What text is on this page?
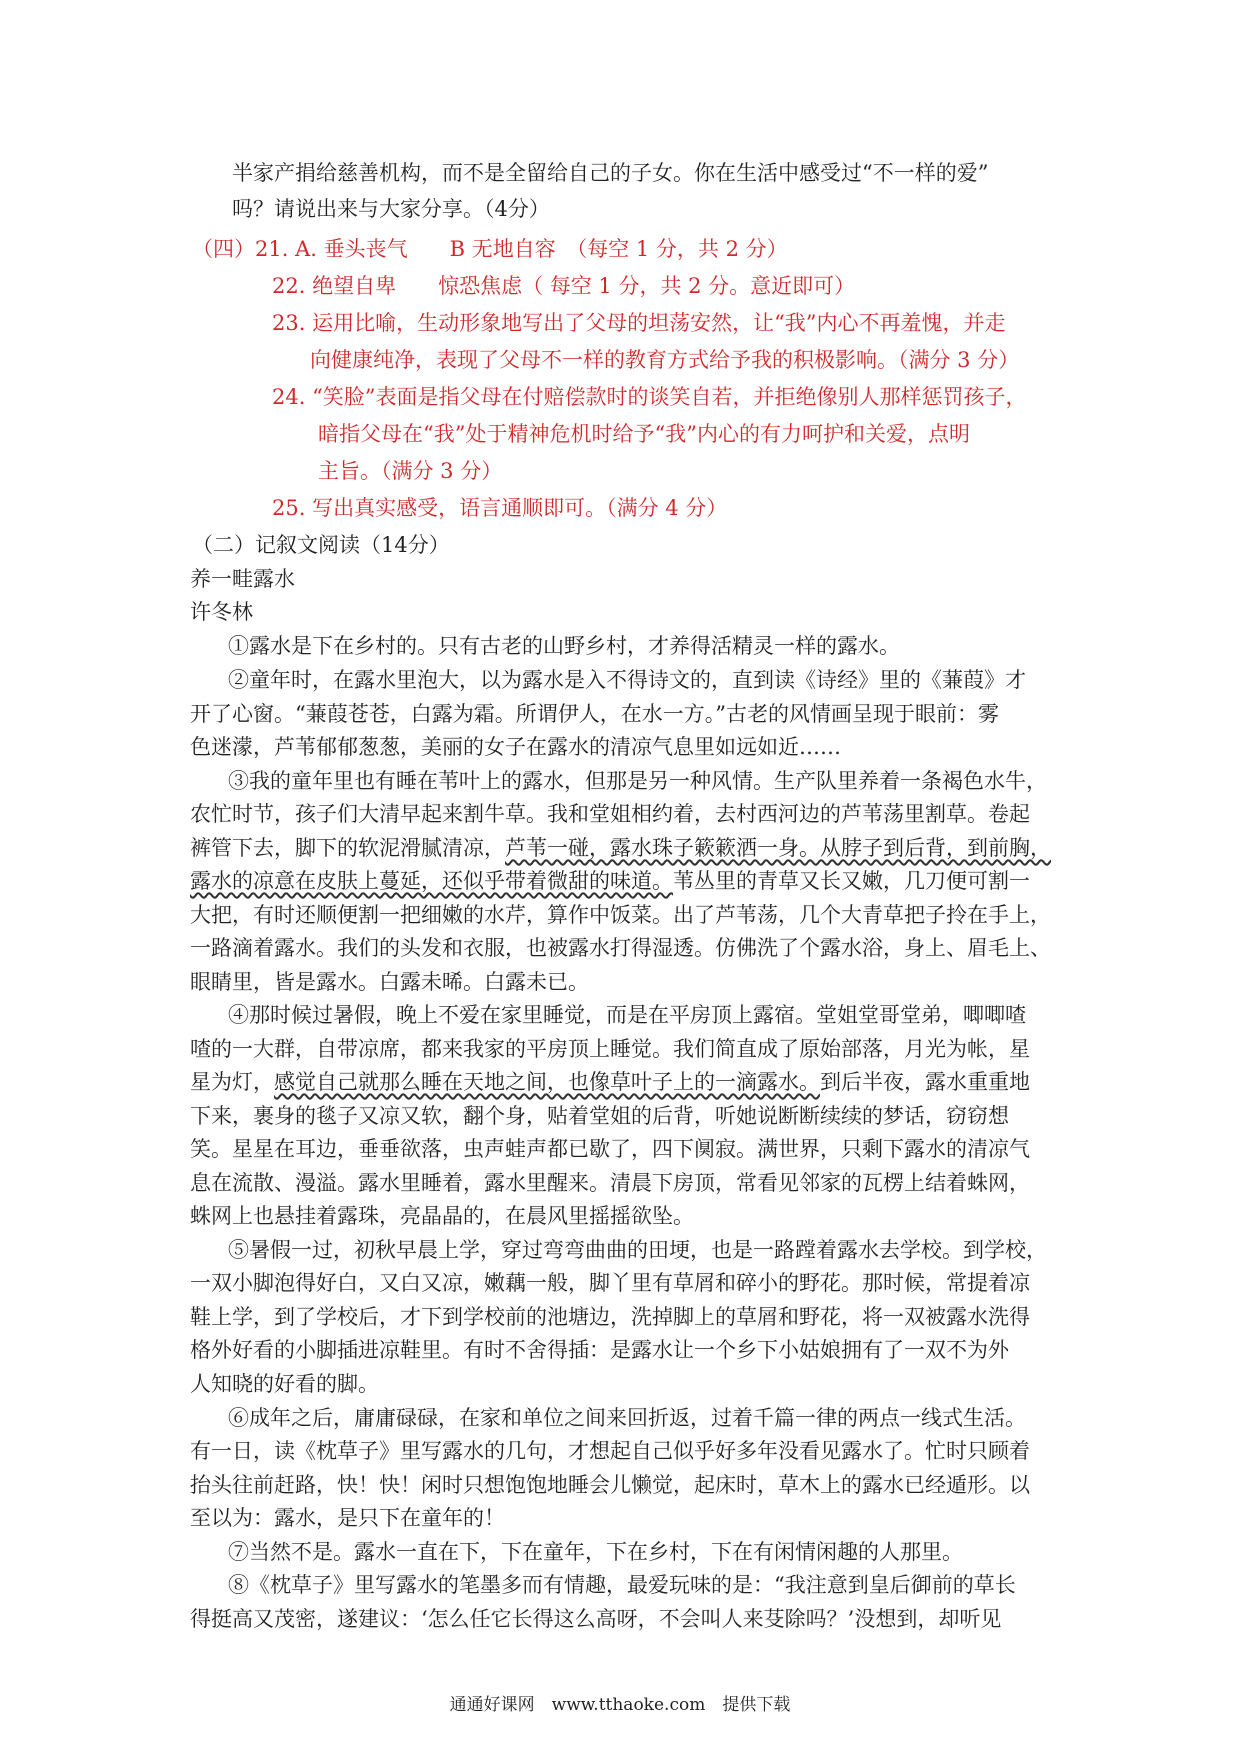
半家产捐给慈善机构，而不是全留给自己的子女。你在生活中感受过“不一样的爱”
吗？请说出来与大家分享。（4分）
（四）21. A. 垂头丧气　　B 无地自容　（每空 1 分，共 2 分）
22. 绝望自卑　　惊恐焦虑（ 每空 1 分，共 2 分。意近即可）
23. 运用比喻，生动形象地写出了父母的坦荡安然，让“我”内心不再羞愧，并走
向健康纯净，表现了父母不一样的教育方式给予我的积极影响。（满分 3 分）
24. “笑脸”表面是指父母在付赔偿款时的谈笑自若，并拒绝像别人那样惩罚孩子，
暗指父母在“我”处于精神危机时给予“我”内心的有力呵护和关爱，点明
主旨。（满分 3 分）
25. 写出真实感受，语言通顺即可。（满分 4 分）
（二）记叙文阅读（14分）
养一畦露水
许冬林
①露水是下在乡村的。只有古老的山野乡村，才养得活精灵一样的露水。
②童年时，在露水里泡大，以为露水是入不得诗文的，直到读《诗经》里的《蒹葭》才
开了心窗。“蒹葭苍苍，白露为霜。所谓伊人，在水一方。”古老的风情画呈现于眼前：雾
色迷濛，芦苇郁郁葱葱，美丽的女子在露水的清凉气息里如远如近……
③我的童年里也有睡在苇叶上的露水，但那是另一种风情。生产队里养着一条褐色水牛，
农忙时节，孩子们大清早起来割牛草。我和堂姐相约着，去村西河边的芦苇荡里割草。卷起
裤管下去，脚下的软泥滑腻清凉，芦苇一碰，露水珠子簌簌洒一身。从脖子到后背，到前胸，
露水的凉意在皮肤上蔓延，还似乎带着微甜的味道。苇丛里的青草又长又嫩，几刀便可割一
大把，有时还顺便割一把细嫩的水芹，算作中饭菜。出了芦苇荡，几个大青草把子拎在手上，
一路滴着露水。我们的头发和衣服，也被露水打得湿透。仿佛洗了个露水浴，身上、眉毛上、
眼睛里，皆是露水。白露未晞。白露未已。
④那时候过暑假，晚上不爱在家里睡觉，而是在平房顶上露宿。堂姐堂哥堂弟，唧唧喳
喳的一大群，自带凉席，都来我家的平房顶上睡觉。我们简直成了原始部落，月光为帐，星
星为灯，感觉自己就那么睡在天地之间，也像草叶子上的一滴露水。到后半夜，露水重重地
下来，裹身的毯子又凉又软，翻个身，贴着堂姐的后背，听她说断断续续的梦话，窃窃想
笑。星星在耳边，垂垂欲落，虫声蛙声都已歇了，四下阒寂。满世界，只剩下露水的清凉气
息在流散、漫溢。露水里睡着，露水里醒来。清晨下房顶，常看见邻家的瓦楞上结着蛛网，
蛛网上也悬挂着露珠，亮晶晶的，在晨风里摇摇欲坠。
⑤暑假一过，初秋早晨上学，穿过弯弯曲曲的田埂，也是一路蹚着露水去学校。到学校，
一双小脚泡得好白，又白又凉，嫩藕一般，脚丫里有草屑和碎小的野花。那时候，常提着凉
鞋上学，到了学校后，才下到学校前的池塘边，洗掉脚上的草屑和野花，将一双被露水洗得
格外好看的小脚插进凉鞋里。有时不舍得插：是露水让一个乡下小姑娘拥有了一双不为外
人知晓的好看的脚。
⑥成年之后，庸庸碌碌，在家和单位之间来回折返，过着千篇一律的两点一线式生活。
有一日，读《枕草子》里写露水的几句，才想起自己似乎好多年没看见露水了。忙时只顾着
抬头往前赶路，快！快！闲时只想饱饱地睡会儿懒觉，起床时，草木上的露水已经遁形。以
至以为：露水，是只下在童年的！
⑦当然不是。露水一直在下，下在童年，下在乡村，下在有闲情闲趣的人那里。
⑧《枕草子》里写露水的笔墨多而有情趣，最爱玩味的是：“我注意到皇后御前的草长
得挺高又茂密，遂建议：‘怎么任它长得这么高呀，不会叫人来芟除吗？’没想到，却听见
通通好课网　www.tthaoke.com　提供下载
